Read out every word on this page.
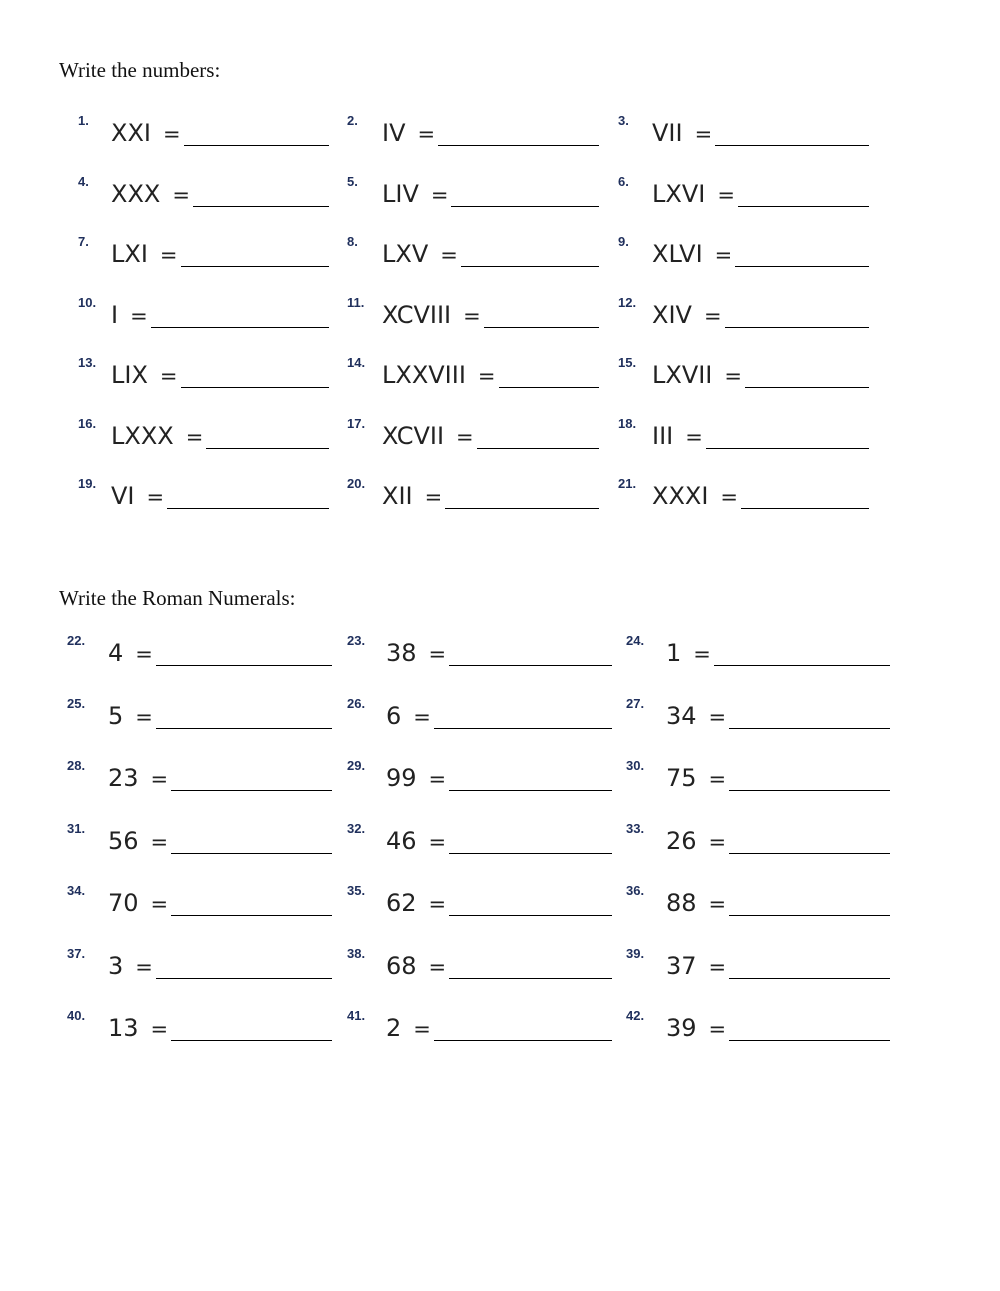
Write the numbers:
1. XXI =
2. IV =
3. VII =
4. XXX =
5. LIV =
6. LXVI =
7. LXI =
8. LXV =
9. XLVI =
10. I =
11. XCVIII =
12. XIV =
13. LIX =
14. LXXVIII =
15. LXVII =
16. LXXX =
17. XCVII =
18. III =
19. VI =
20. XII =
21. XXXI =
Write the Roman Numerals:
22. 4 =
23. 38 =
24. 1 =
25. 5 =
26. 6 =
27. 34 =
28. 23 =
29. 99 =
30. 75 =
31. 56 =
32. 46 =
33. 26 =
34. 70 =
35. 62 =
36. 88 =
37. 3 =
38. 68 =
39. 37 =
40. 13 =
41. 2 =
42. 39 =
